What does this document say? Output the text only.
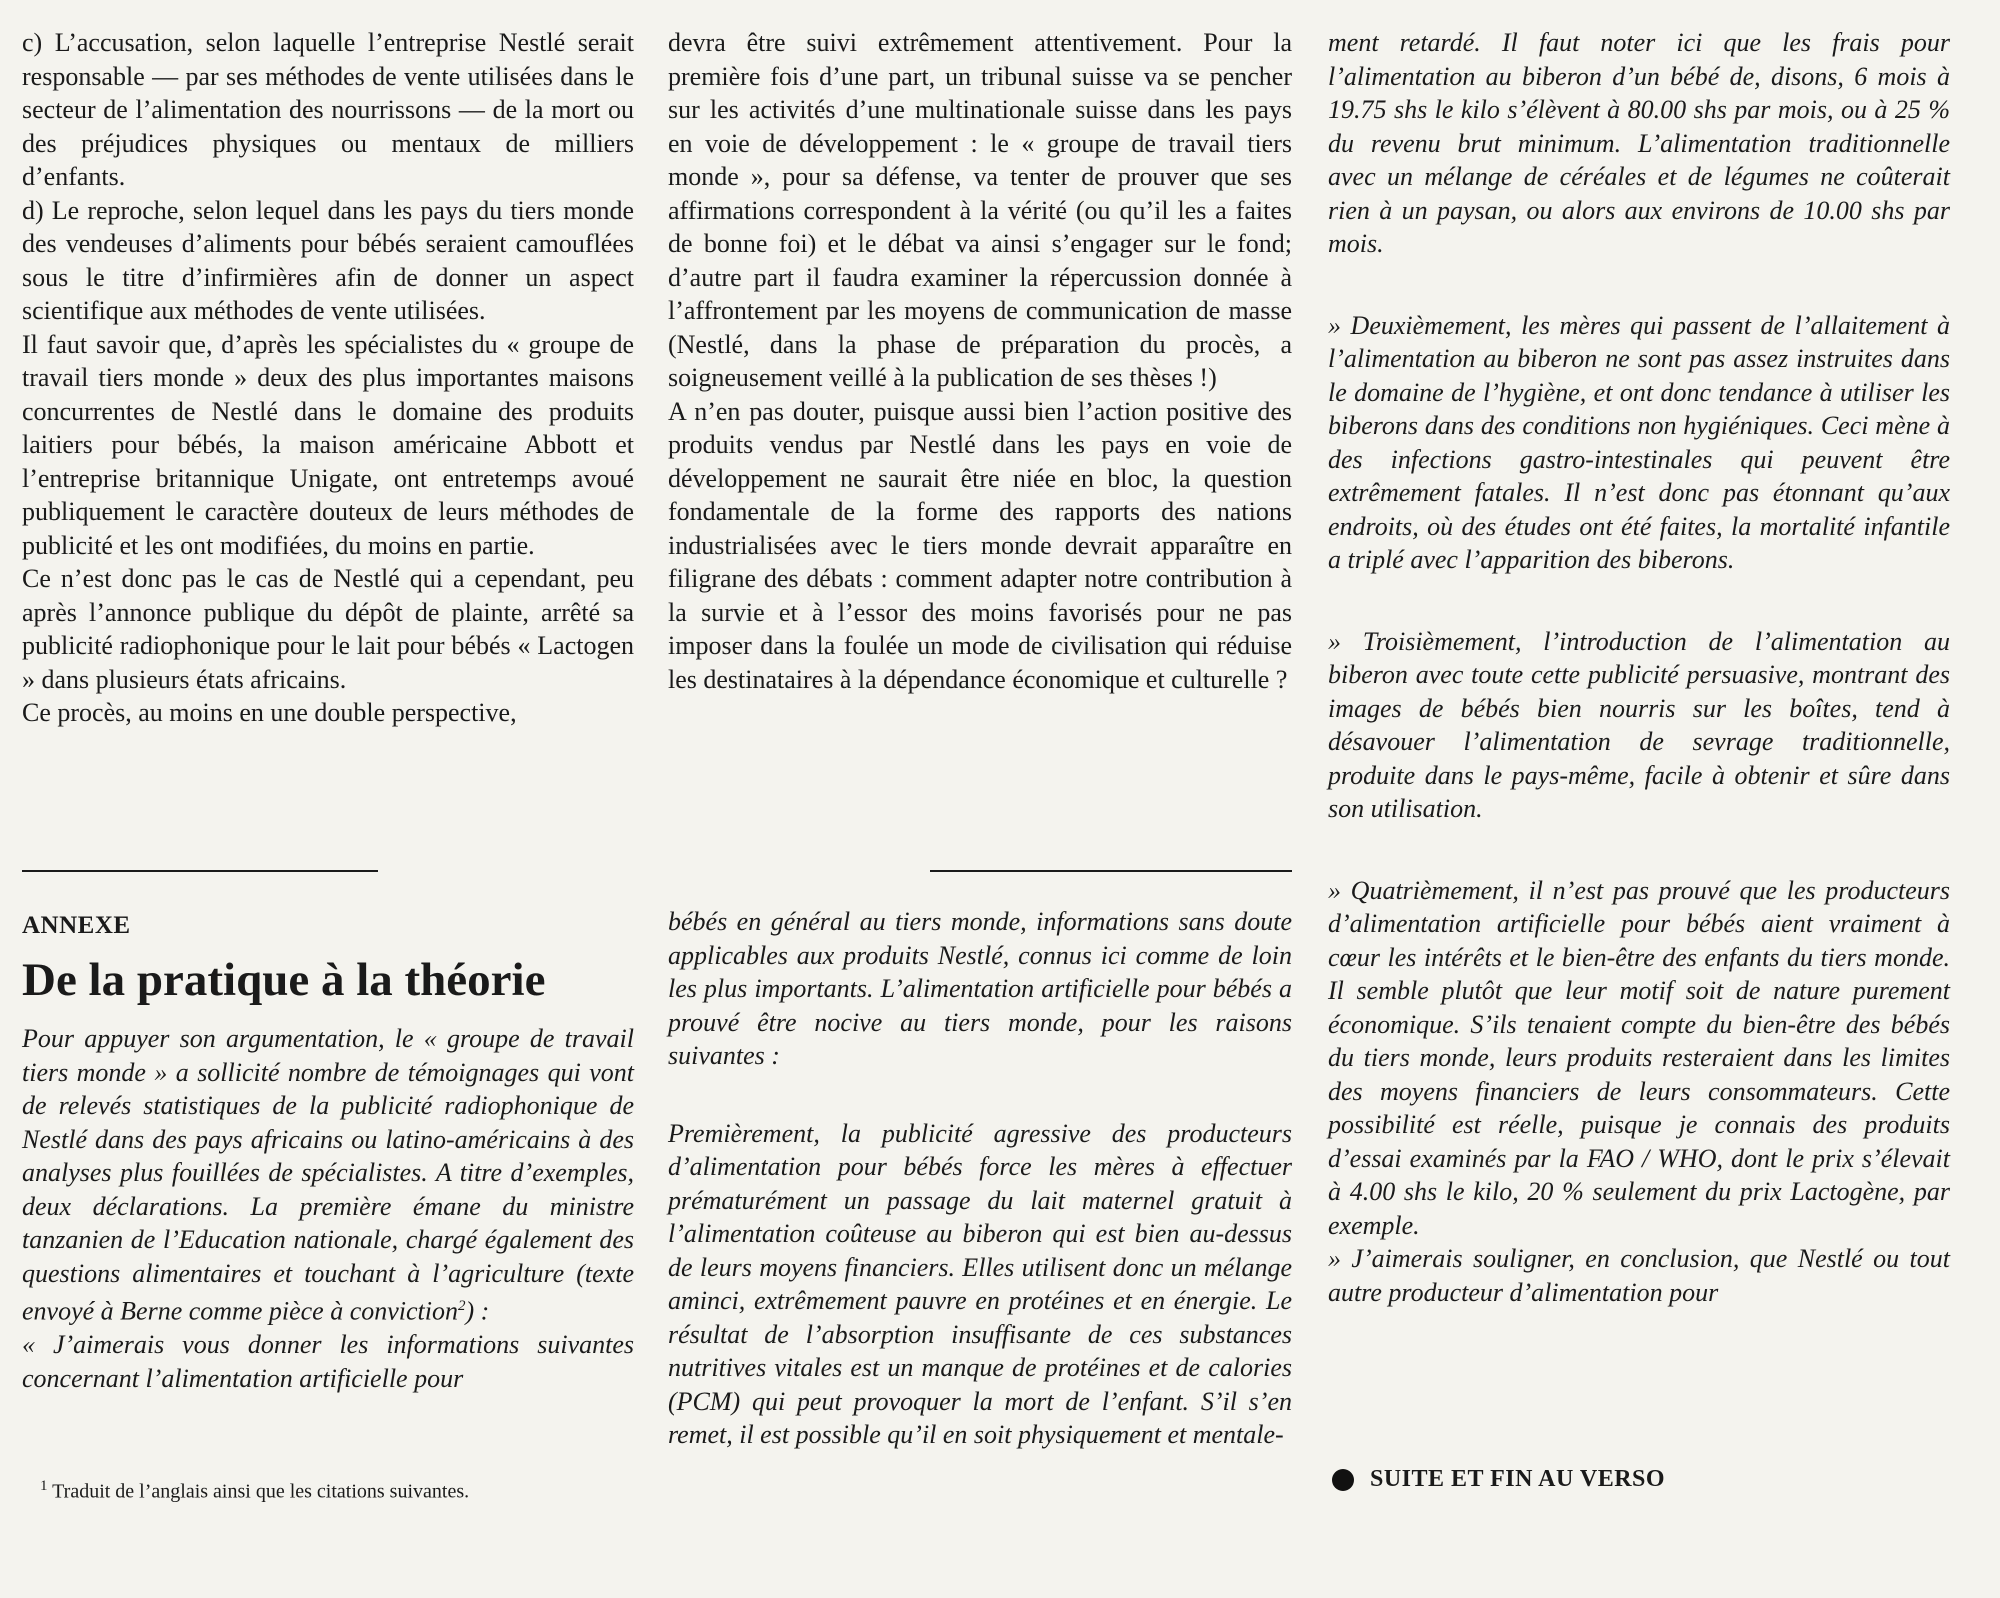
c) L’accusation, selon laquelle l’entreprise Nestlé serait responsable — par ses méthodes de vente utilisées dans le secteur de l’alimentation des nourrissons — de la mort ou des préjudices physiques ou mentaux de milliers d’enfants.

d) Le reproche, selon lequel dans les pays du tiers monde des vendeuses d’aliments pour bébés seraient camouflées sous le titre d’infirmières afin de donner un aspect scientifique aux méthodes de vente utilisées.

Il faut savoir que, d’après les spécialistes du « groupe de travail tiers monde » deux des plus importantes maisons concurrentes de Nestlé dans le domaine des produits laitiers pour bébés, la maison américaine Abbott et l’entreprise britannique Unigate, ont entretemps avoué publiquement le caractère douteux de leurs méthodes de publicité et les ont modifiées, du moins en partie.

Ce n’est donc pas le cas de Nestlé qui a cependant, peu après l’annonce publique du dépôt de plainte, arrêté sa publicité radiophonique pour le lait pour bébés « Lactogen » dans plusieurs états africains.

Ce procès, au moins en une double perspective,

devra être suivi extrêmement attentivement. Pour la première fois d’une part, un tribunal suisse va se pencher sur les activités d’une multinationale suisse dans les pays en voie de développement : le « groupe de travail tiers monde », pour sa défense, va tenter de prouver que ses affirmations correspondent à la vérité (ou qu’il les a faites de bonne foi) et le débat va ainsi s’engager sur le fond; d’autre part il faudra examiner la répercussion donnée à l’affrontement par les moyens de communication de masse (Nestlé, dans la phase de préparation du procès, a soigneusement veillé à la publication de ses thèses !)

A n’en pas douter, puisque aussi bien l’action positive des produits vendus par Nestlé dans les pays en voie de développement ne saurait être niée en bloc, la question fondamentale de la forme des rapports des nations industrialisées avec le tiers monde devrait apparaître en filigrane des débats : comment adapter notre contribution à la survie et à l’essor des moins favorisés pour ne pas imposer dans la foulée un mode de civilisation qui réduise les destinataires à la dépendance économique et culturelle ?

ANNEXE
De la pratique à la théorie

Pour appuyer son argumentation, le « groupe de travail tiers monde » a sollicité nombre de témoignages qui vont de relevés statistiques de la publicité radiophonique de Nestlé dans des pays africains ou latino-américains à des analyses plus fouillées de spécialistes. A titre d’exemples, deux déclarations. La première émane du ministre tanzanien de l’Education nationale, chargé également des questions alimentaires et touchant à l’agriculture (texte envoyé à Berne comme pièce à conviction$^2$) :

« J’aimerais vous donner les informations suivantes concernant l’alimentation artificielle pour

$^1$ Traduit de l’anglais ainsi que les citations suivantes.

bébés en général au tiers monde, informations sans doute applicables aux produits Nestlé, connus ici comme de loin les plus importants. L’alimentation artificielle pour bébés a prouvé être nocive au tiers monde, pour les raisons suivantes :

Premièrement, la publicité agressive des producteurs d’alimentation pour bébés force les mères à effectuer prématurément un passage du lait maternel gratuit à l’alimentation coûteuse au biberon qui est bien au-dessus de leurs moyens financiers. Elles utilisent donc un mélange aminci, extrêmement pauvre en protéines et en énergie. Le résultat de l’absorption insuffisante de ces substances nutritives vitales est un manque de protéines et de calories (PCM) qui peut provoquer la mort de l’enfant. S’il s’en remet, il est possible qu’il en soit physiquement et mentale-

ment retardé. Il faut noter ici que les frais pour l’alimentation au biberon d’un bébé de, disons, 6 mois à 19.75 shs le kilo s’élèvent à 80.00 shs par mois, ou à 25 % du revenu brut minimum. L’alimentation traditionnelle avec un mélange de céréales et de légumes ne coûterait rien à un paysan, ou alors aux environs de 10.00 shs par mois.

» Deuxièmement, les mères qui passent de l’allaitement à l’alimentation au biberon ne sont pas assez instruites dans le domaine de l’hygiène, et ont donc tendance à utiliser les biberons dans des conditions non hygiéniques. Ceci mène à des infections gastro-intestinales qui peuvent être extrêmement fatales. Il n’est donc pas étonnant qu’aux endroits, où des études ont été faites, la mortalité infantile a triplé avec l’apparition des biberons.

» Troisièmement, l’introduction de l’alimentation au biberon avec toute cette publicité persuasive, montrant des images de bébés bien nourris sur les boîtes, tend à désavouer l’alimentation de sevrage traditionnelle, produite dans le pays-même, facile à obtenir et sûre dans son utilisation.

» Quatrièmement, il n’est pas prouvé que les producteurs d’alimentation artificielle pour bébés aient vraiment à cœur les intérêts et le bien-être des enfants du tiers monde. Il semble plutôt que leur motif soit de nature purement économique. S’ils tenaient compte du bien-être des bébés du tiers monde, leurs produits resteraient dans les limites des moyens financiers de leurs consommateurs. Cette possibilité est réelle, puisque je connais des produits d’essai examinés par la FAO / WHO, dont le prix s’élevait à 4.00 shs le kilo, 20 % seulement du prix Lactogène, par exemple.

» J’aimerais souligner, en conclusion, que Nestlé ou tout autre producteur d’alimentation pour

SUITE ET FIN AU VERSO
